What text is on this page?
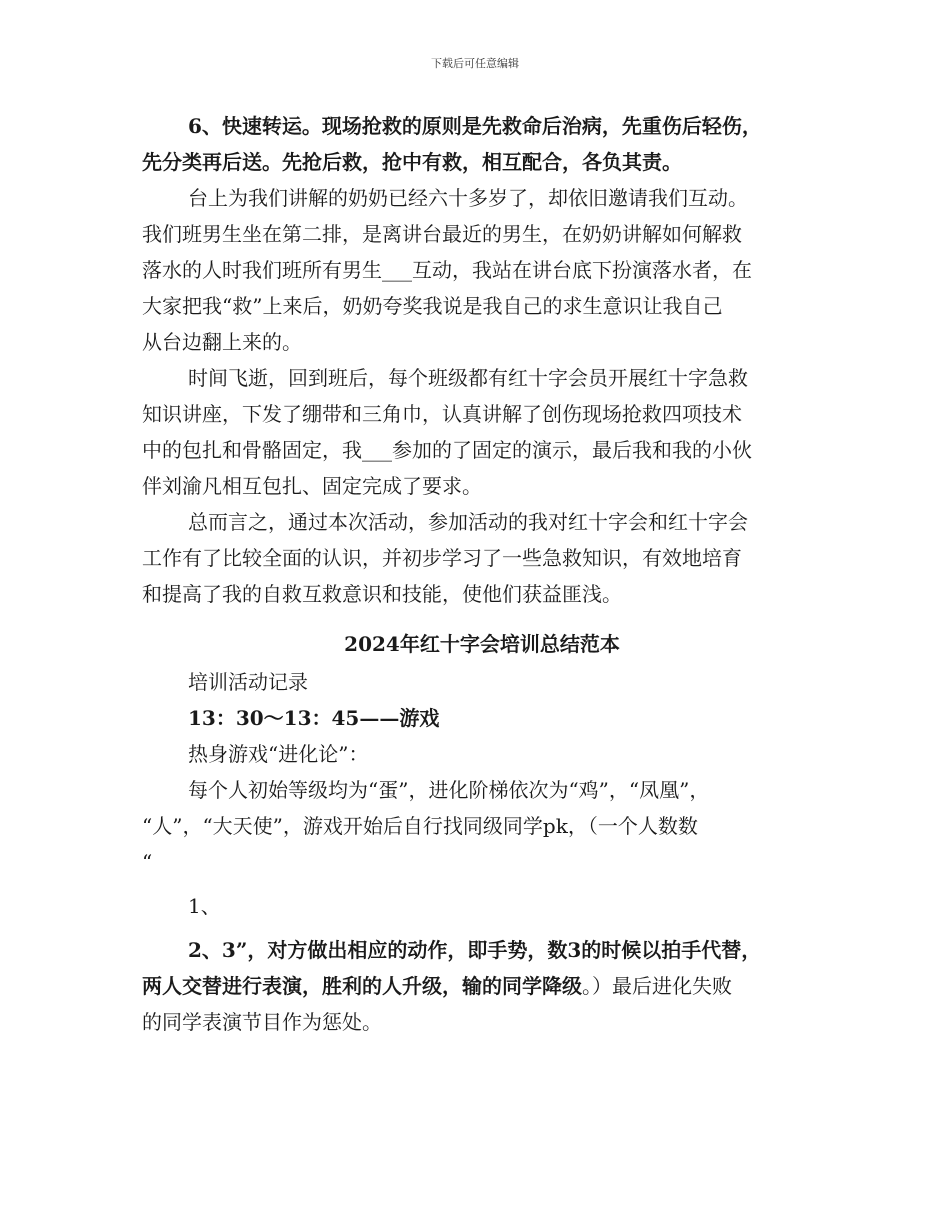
下载后可任意编辑
6、快速转运。现场抢救的原则是先救命后治病，先重伤后轻伤，
先分类再后送。先抢后救，抢中有救，相互配合，各负其责。
台上为我们讲解的奶奶已经六十多岁了，却依旧邀请我们互动。
我们班男生坐在第二排，是离讲台最近的男生，在奶奶讲解如何解救
落水的人时我们班所有男生___互动，我站在讲台底下扮演落水者，在
大家把我“救”上来后，奶奶夸奖我说是我自己的求生意识让我自己
从台边翻上来的。
时间飞逝，回到班后，每个班级都有红十字会员开展红十字急救
知识讲座，下发了绷带和三角巾，认真讲解了创伤现场抢救四项技术
中的包扎和骨骼固定，我___参加的了固定的演示，最后我和我的小伙
伴刘渝凡相互包扎、固定完成了要求。
总而言之，通过本次活动，参加活动的我对红十字会和红十字会
工作有了比较全面的认识，并初步学习了一些急救知识，有效地培育
和提高了我的自救互救意识和技能，使他们获益匪浅。
2024年红十字会培训总结范本
培训活动记录
13：30～13：45——游戏
热身游戏“进化论”：
每个人初始等级均为“蛋”，进化阶梯依次为“鸡”，“凤凰”，
“人”，“大天使”，游戏开始后自行找同级同学pk，（一个人数数
“
1、
2、3”，对方做出相应的动作，即手势，数3的时候以拍手代替，
两人交替进行表演，胜利的人升级，输的同学降级。）最后进化失败
的同学表演节目作为惩处。
